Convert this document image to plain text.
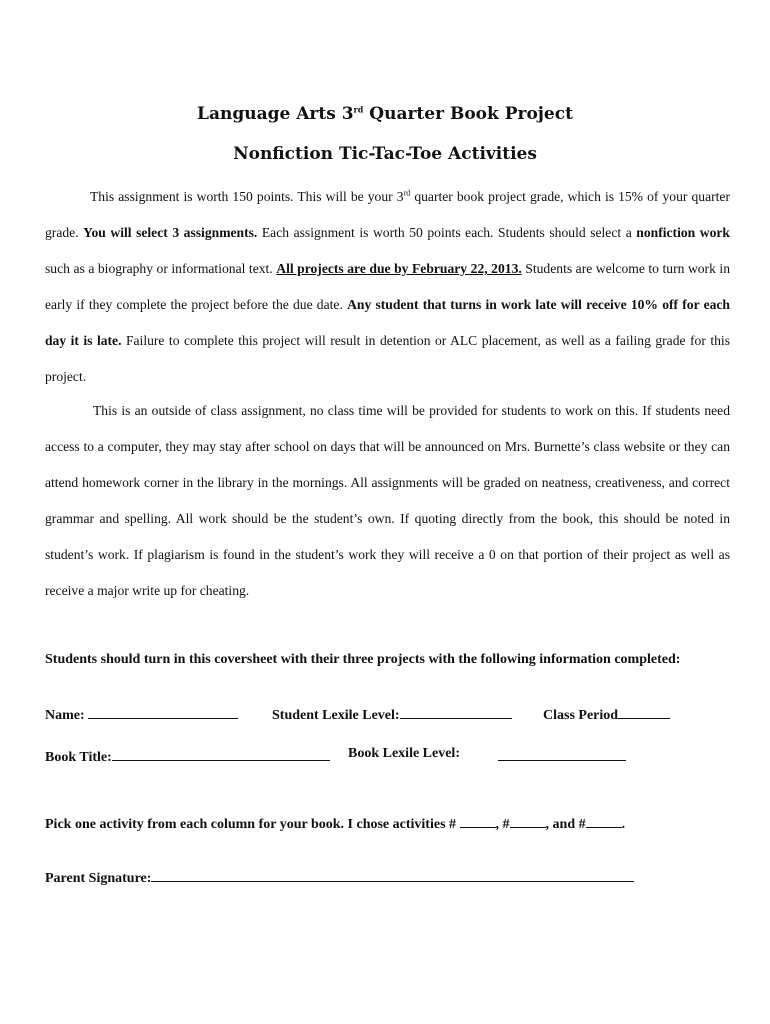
Language Arts 3rd Quarter Book Project
Nonfiction Tic-Tac-Toe Activities
This assignment is worth 150 points. This will be your 3rd quarter book project grade, which is 15% of your quarter grade. You will select 3 assignments. Each assignment is worth 50 points each. Students should select a nonfiction work such as a biography or informational text. All projects are due by February 22, 2013. Students are welcome to turn work in early if they complete the project before the due date. Any student that turns in work late will receive 10% off for each day it is late. Failure to complete this project will result in detention or ALC placement, as well as a failing grade for this project.
This is an outside of class assignment, no class time will be provided for students to work on this. If students need access to a computer, they may stay after school on days that will be announced on Mrs. Burnette’s class website or they can attend homework corner in the library in the mornings. All assignments will be graded on neatness, creativeness, and correct grammar and spelling. All work should be the student’s own. If quoting directly from the book, this should be noted in student’s work. If plagiarism is found in the student’s work they will receive a 0 on that portion of their project as well as receive a major write up for cheating.
Students should turn in this coversheet with their three projects with the following information completed:
Name:	Student Lexile Level:	Class Period
Book Title:	Book Lexile Level:
Pick one activity from each column for your book. I chose activities #	, #	, and #	.
Parent Signature:
